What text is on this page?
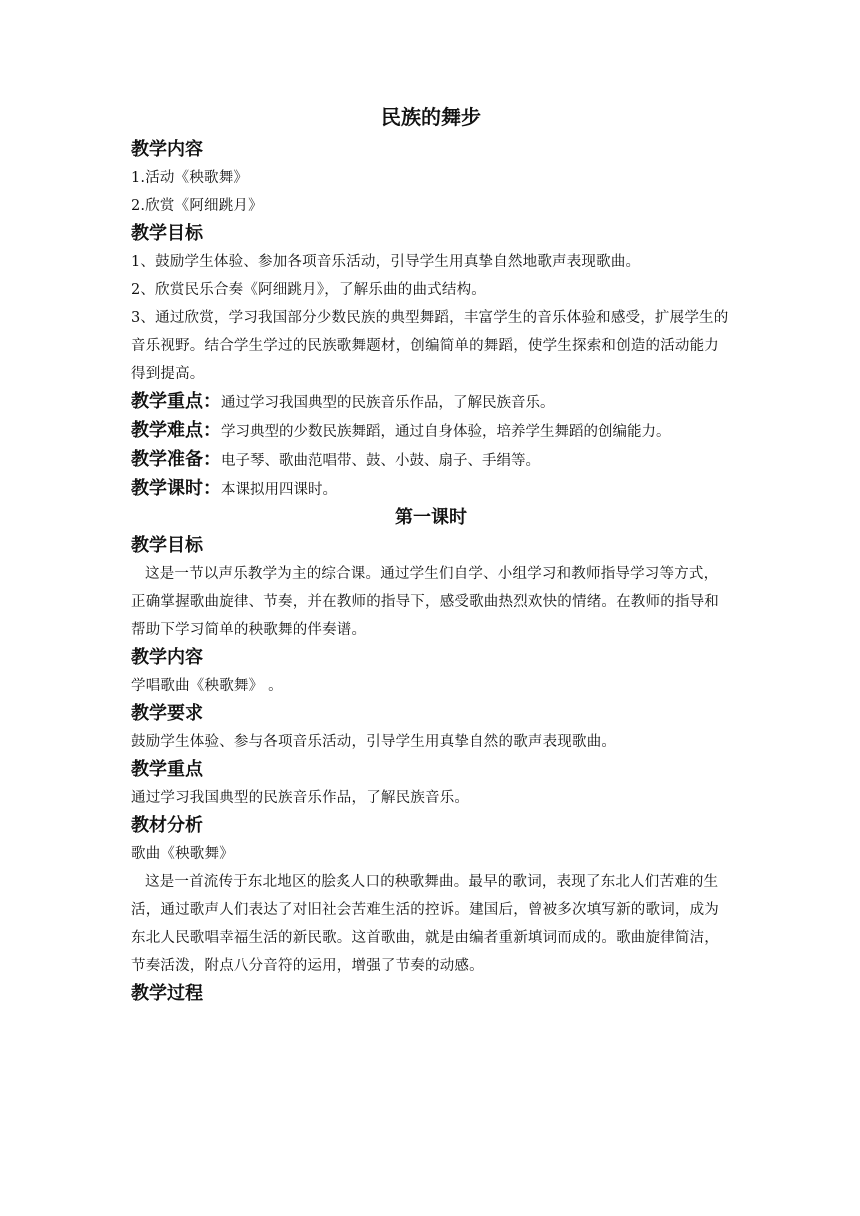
民族的舞步
教学内容
1.活动《秧歌舞》
2.欣赏《阿细跳月》
教学目标
1、鼓励学生体验、参加各项音乐活动，引导学生用真挚自然地歌声表现歌曲。
2、欣赏民乐合奏《阿细跳月》，了解乐曲的曲式结构。
3、通过欣赏，学习我国部分少数民族的典型舞蹈，丰富学生的音乐体验和感受，扩展学生的音乐视野。结合学生学过的民族歌舞题材，创编简单的舞蹈，使学生探索和创造的活动能力得到提高。
教学重点：通过学习我国典型的民族音乐作品，了解民族音乐。
教学难点：学习典型的少数民族舞蹈，通过自身体验，培养学生舞蹈的创编能力。
教学准备：电子琴、歌曲范唱带、鼓、小鼓、扇子、手绢等。
教学课时：本课拟用四课时。
第一课时
教学目标
这是一节以声乐教学为主的综合课。通过学生们自学、小组学习和教师指导学习等方式，正确掌握歌曲旋律、节奏，并在教师的指导下，感受歌曲热烈欢快的情绪。在教师的指导和帮助下学习简单的秧歌舞的伴奏谱。
教学内容
学唱歌曲《秧歌舞》 。
教学要求
鼓励学生体验、参与各项音乐活动，引导学生用真挚自然的歌声表现歌曲。
教学重点
通过学习我国典型的民族音乐作品，了解民族音乐。
教材分析
歌曲《秧歌舞》
这是一首流传于东北地区的脍炙人口的秧歌舞曲。最早的歌词，表现了东北人们苦难的生活，通过歌声人们表达了对旧社会苦难生活的控诉。建国后，曾被多次填写新的歌词，成为东北人民歌唱幸福生活的新民歌。这首歌曲，就是由编者重新填词而成的。歌曲旋律简洁，节奏活泼，附点八分音符的运用，增强了节奏的动感。
教学过程
